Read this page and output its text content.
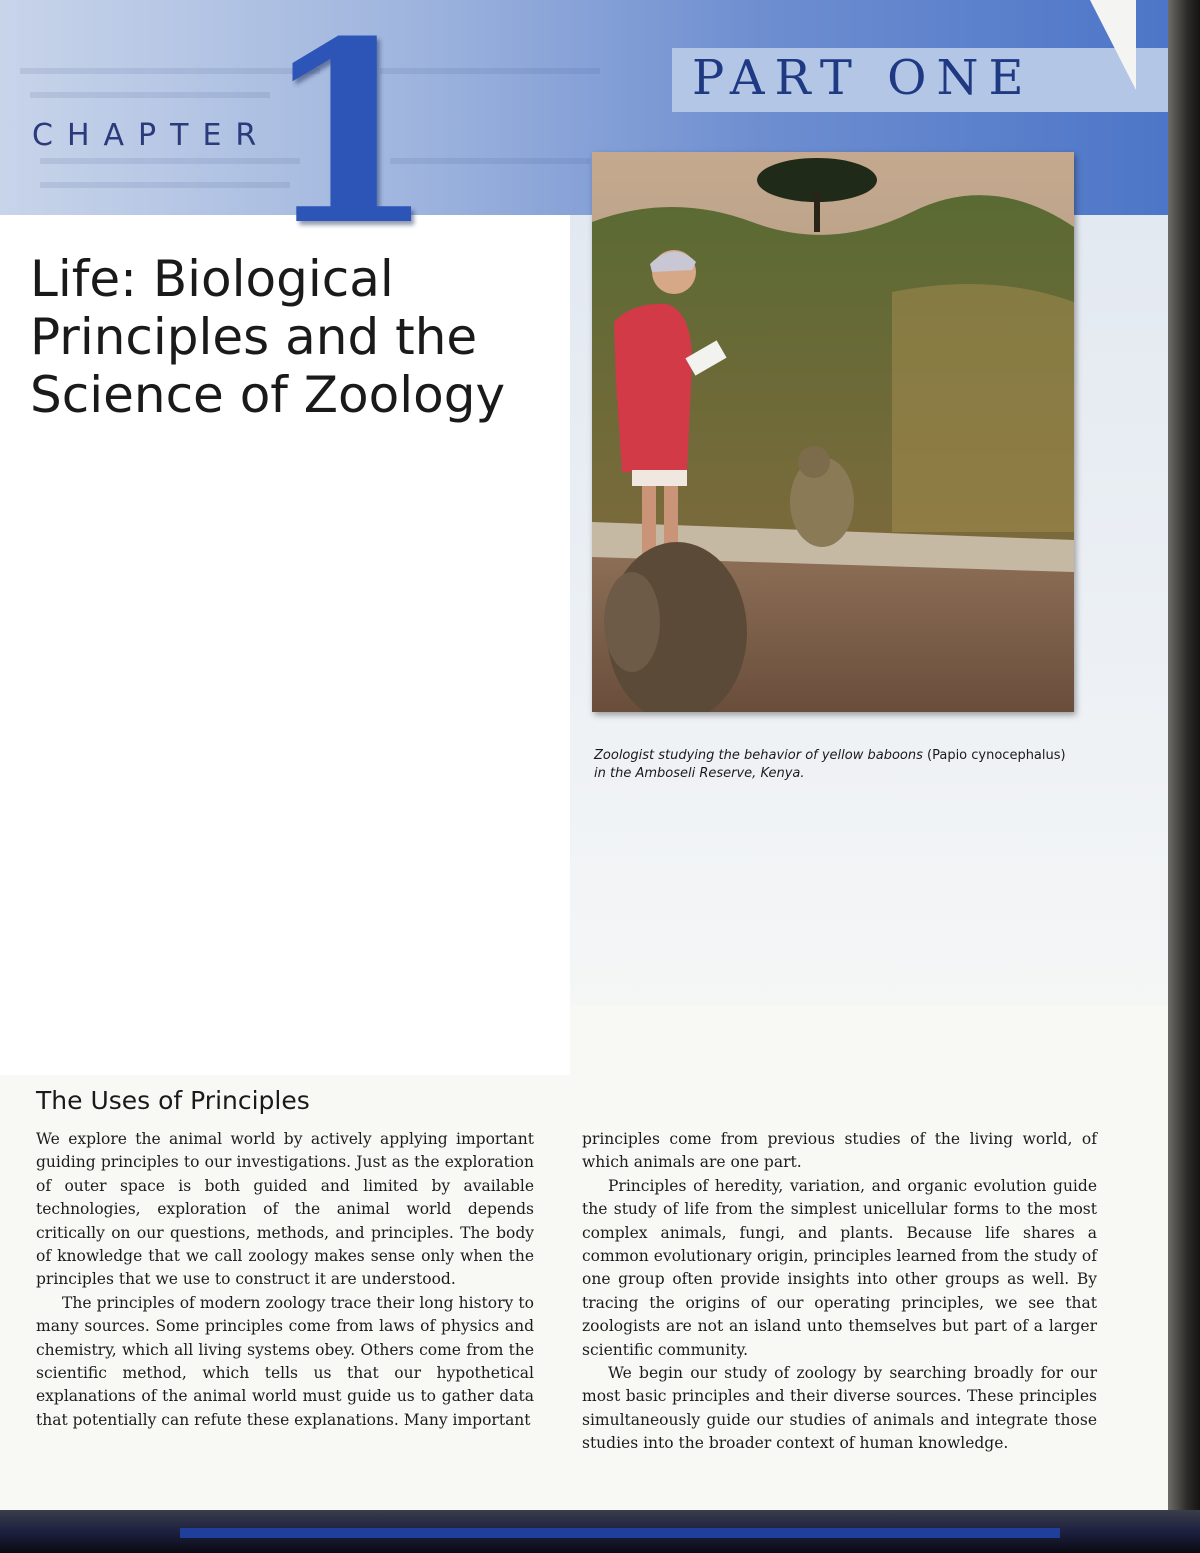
CHAPTER

1	PART ONE

Life: Biological Principles and the Science of Zoology

Zoologist studying the behavior of yellow baboons (Papio cynocephalus)
in the Amboseli Reserve, Kenya.

The Uses of Principles

We explore the animal world by actively applying important guiding principles to our investigations. Just as the exploration of outer space is both guided and limited by available technologies, exploration of the animal world depends critically on our questions, methods, and principles. The body of knowledge that we call zoology makes sense only when the principles that we use to construct it are understood.

The principles of modern zoology trace their long history to many sources. Some principles come from laws of physics and chemistry, which all living systems obey. Others come from the scientific method, which tells us that our hypothetical explanations of the animal world must guide us to gather data that potentially can refute these explanations. Many important

principles come from previous studies of the living world, of which animals are one part.

Principles of heredity, variation, and organic evolution guide the study of life from the simplest unicellular forms to the most complex animals, fungi, and plants. Because life shares a common evolutionary origin, principles learned from the study of one group often provide insights into other groups as well. By tracing the origins of our operating principles, we see that zoologists are not an island unto themselves but part of a larger scientific community.

We begin our study of zoology by searching broadly for our most basic principles and their diverse sources. These principles simultaneously guide our studies of animals and integrate those studies into the broader context of human knowledge.
